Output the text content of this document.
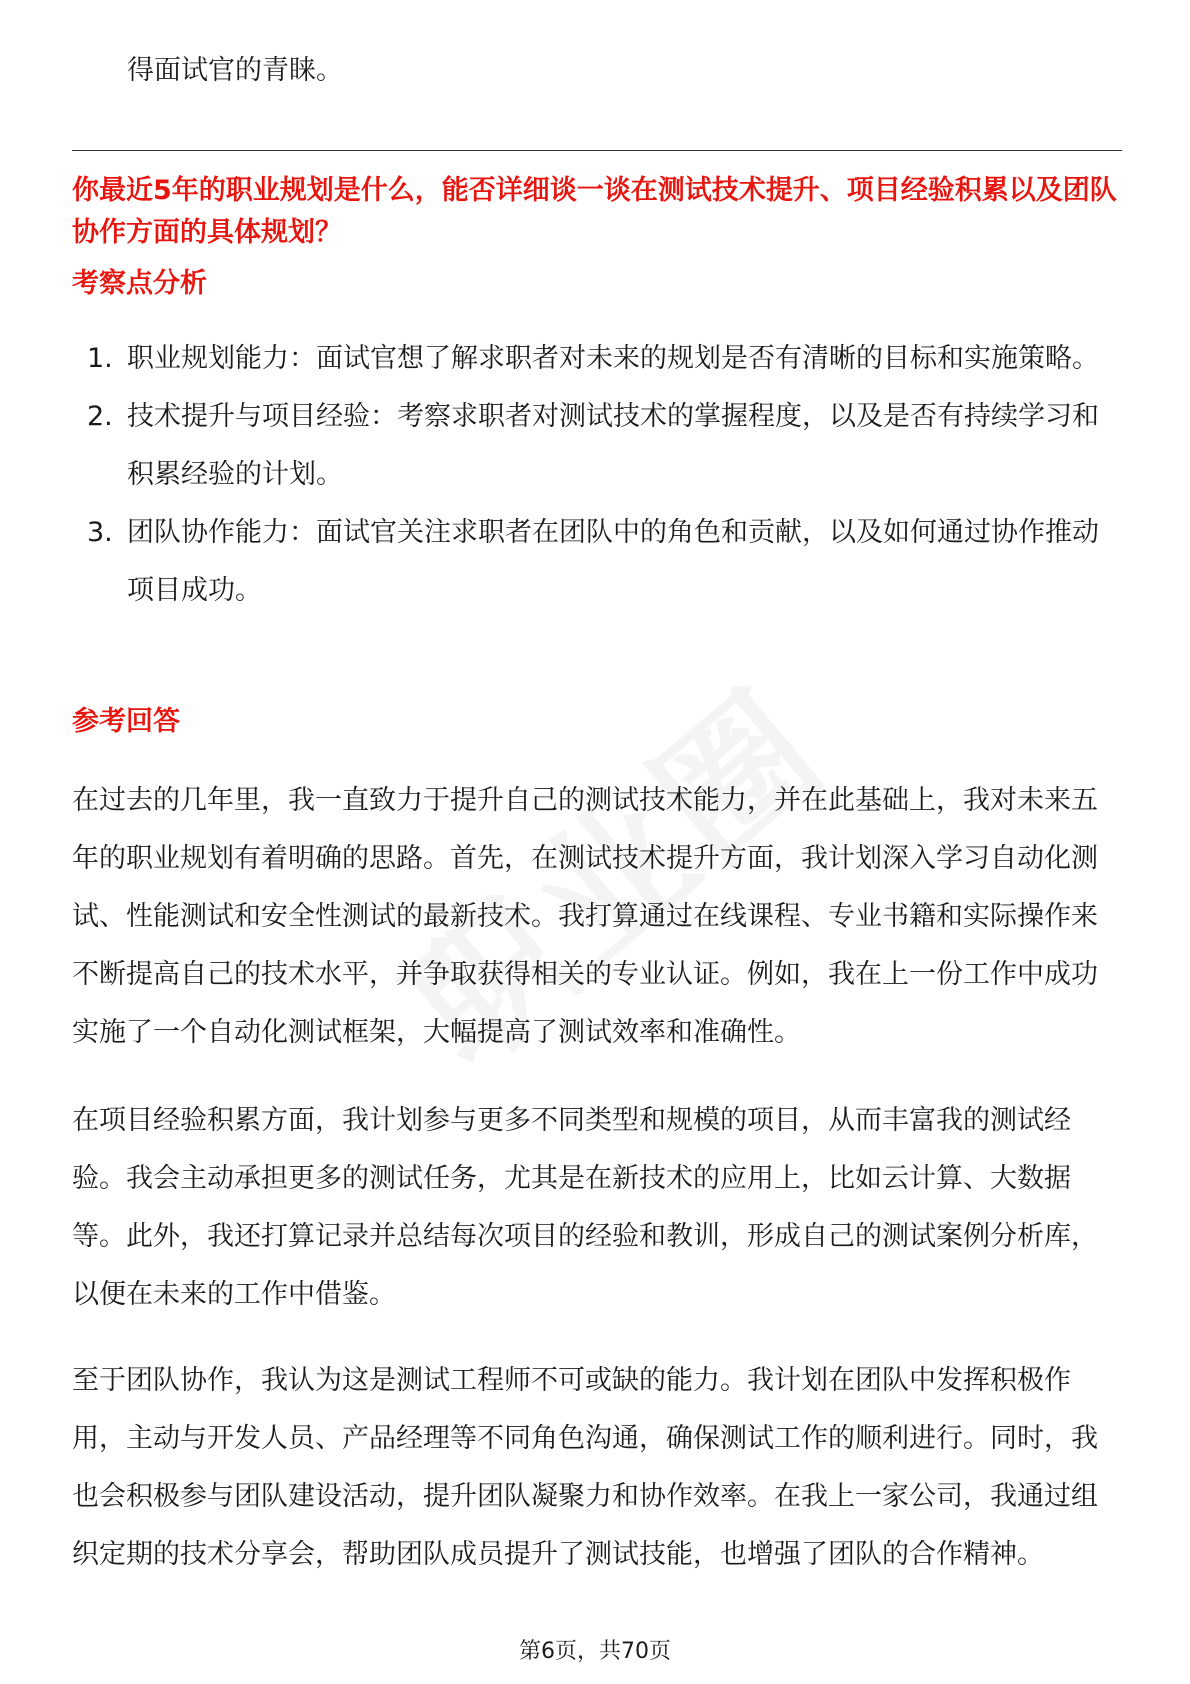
得面试官的青睐。

你最近5年的职业规划是什么，能否详细谈一谈在测试技术提升、项目经验积累以及团队协作方面的具体规划？

考察点分析
1. 职业规划能力：面试官想了解求职者对未来的规划是否有清晰的目标和实施策略。
2. 技术提升与项目经验：考察求职者对测试技术的掌握程度，以及是否有持续学习和积累经验的计划。
3. 团队协作能力：面试官关注求职者在团队中的角色和贡献，以及如何通过协作推动项目成功。
参考回答

在过去的几年里，我一直致力于提升自己的测试技术能力，并在此基础上，我对未来五年的职业规划有着明确的思路。首先，在测试技术提升方面，我计划深入学习自动化测试、性能测试和安全性测试的最新技术。我打算通过在线课程、专业书籍和实际操作来不断提高自己的技术水平，并争取获得相关的专业认证。例如，我在上一份工作中成功实施了一个自动化测试框架，大幅提高了测试效率和准确性。

在项目经验积累方面，我计划参与更多不同类型和规模的项目，从而丰富我的测试经验。我会主动承担更多的测试任务，尤其是在新技术的应用上，比如云计算、大数据等。此外，我还打算记录并总结每次项目的经验和教训，形成自己的测试案例分析库，以便在未来的工作中借鉴。

至于团队协作，我认为这是测试工程师不可或缺的能力。我计划在团队中发挥积极作用，主动与开发人员、产品经理等不同角色沟通，确保测试工作的顺利进行。同时，我也会积极参与团队建设活动，提升团队凝聚力和协作效率。在我上一家公司，我通过组织定期的技术分享会，帮助团队成员提升了测试技能，也增强了团队的合作精神。

第6页，共70页
